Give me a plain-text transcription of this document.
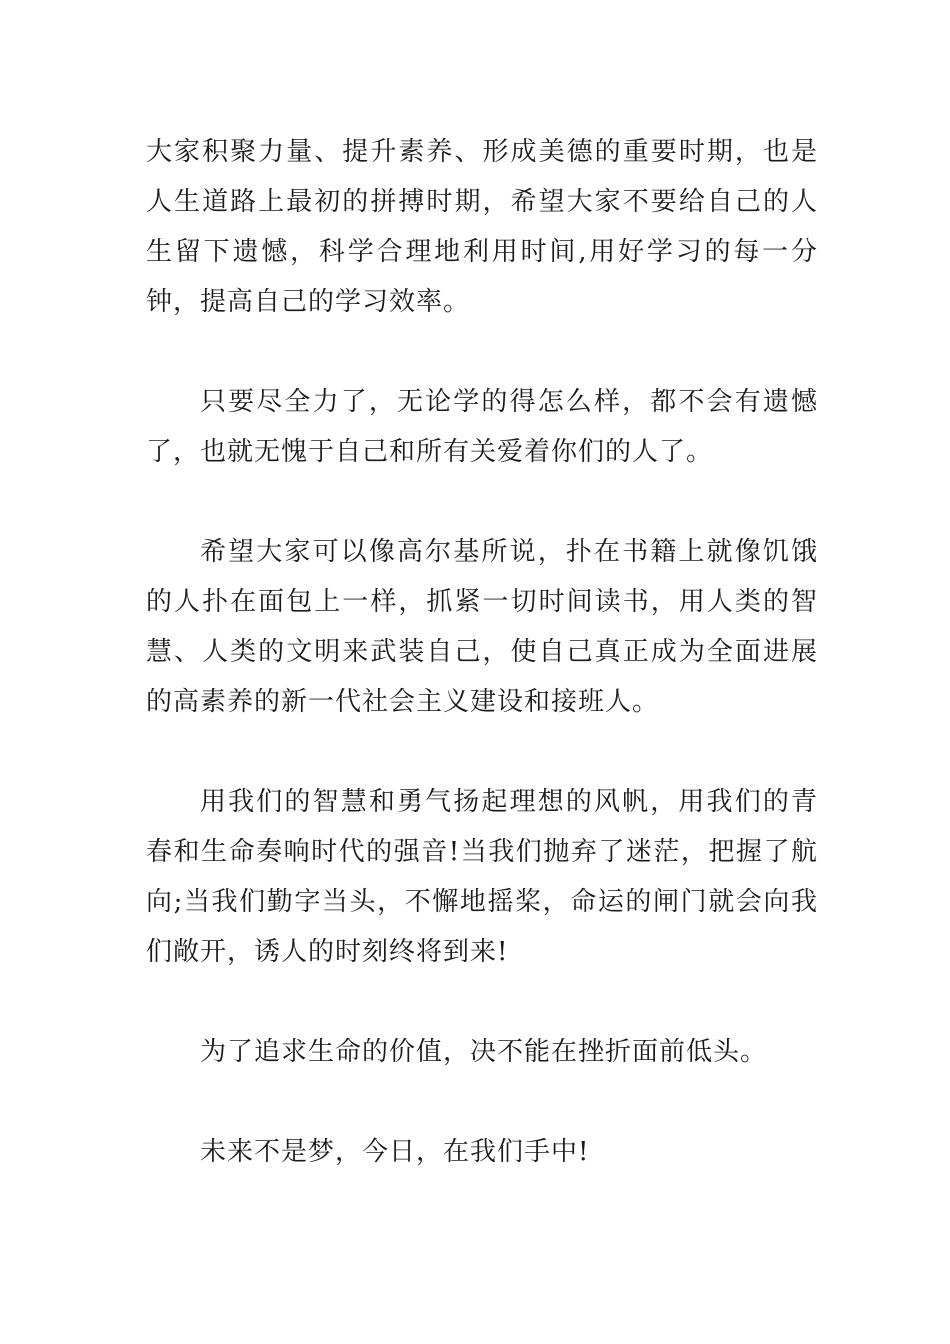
大家积聚力量、提升素养、形成美德的重要时期，也是人生道路上最初的拼搏时期，希望大家不要给自己的人生留下遗憾，科学合理地利用时间,用好学习的每一分钟，提高自己的学习效率。

只要尽全力了，无论学的得怎么样，都不会有遗憾了，也就无愧于自己和所有关爱着你们的人了。

希望大家可以像高尔基所说，扑在书籍上就像饥饿的人扑在面包上一样，抓紧一切时间读书，用人类的智慧、人类的文明来武装自己，使自己真正成为全面进展的高素养的新一代社会主义建设和接班人。

用我们的智慧和勇气扬起理想的风帆，用我们的青春和生命奏响时代的强音!当我们抛弃了迷茫，把握了航向;当我们勤字当头，不懈地摇桨，命运的闸门就会向我们敞开，诱人的时刻终将到来!

为了追求生命的价值，决不能在挫折面前低头。

未来不是梦，今日，在我们手中!
